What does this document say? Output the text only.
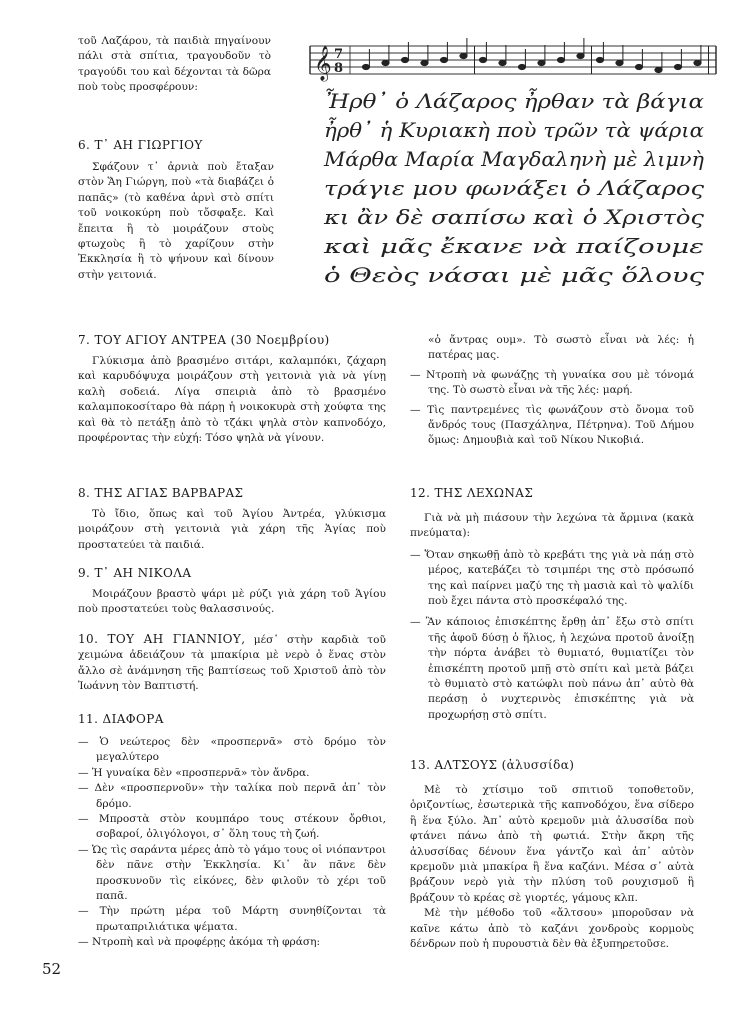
τοῦ Λαζάρου, τὰ παιδιὰ πηγαίνουν πάλι στὰ σπίτια, τραγουδοῦν τὸ τραγούδι του καὶ δέχονται τὰ δῶρα ποὺ τοὺς προσφέρουν:
𝄞 7
8
Ἦρθ᾿ ὁ Λάζαρος ἦρθαν τὰ βάγια
ἦρθ᾿ ἡ Κυριακὴ ποὺ τρῶν τὰ ψάρια
Μάρθα Μαρία Μαγδαληνὴ μὲ λιμνὴ
τράγιε μου φωνάξει ὁ Λάζαρος
κι ἂν δὲ σαπίσω καὶ ὁ Χριστὸς
καὶ μᾶς ἔκανε νὰ παίζουμε
ὁ Θεὸς νάσαι μὲ μᾶς ὅλους
6. Τ᾿ ΑΗ ΓΙΩΡΓΙΟΥ
Σφάζουν τ᾿ ἀρνιὰ ποὺ ἔταξαν στὸν Ἅη Γιώργη, ποὺ «τὰ διαβάζει ὁ παπᾶς» (τὸ καθένα ἀρνὶ στὸ σπίτι τοῦ νοικοκύρη ποὺ τὄσφαξε. Καὶ ἔπειτα ἢ τὸ μοιράζουν στοὺς φτωχοὺς ἢ τὸ χαρίζουν στὴν Ἐκκλησία ἢ τὸ ψήνουν καὶ δίνουν στὴν γειτονιά.
7. ΤΟΥ ΑΓΙΟΥ ΑΝΤΡΕΑ (30 Νοεμβρίου)
Γλύκισμα ἀπὸ βρασμένο σιτάρι, καλαμπόκι, ζάχαρη καὶ καρυδόψυχα μοιράζουν στὴ γειτονιὰ γιὰ νὰ γίνῃ καλὴ σοδειά. Λίγα σπειριὰ ἀπὸ τὸ βρασμένο καλαμποκοσίταρο θὰ πάρῃ ἡ νοικοκυρὰ στὴ χούφτα της καὶ θὰ τὸ πετάξῃ ἀπὸ τὸ τζάκι ψηλὰ στὸν καπνοδόχο, προφέροντας τὴν εὐχή: Τόσο ψηλὰ νὰ γίνουν.
8. ΤΗΣ ΑΓΙΑΣ ΒΑΡΒΑΡΑΣ
Τὸ ἴδιο, ὅπως καὶ τοῦ Ἁγίου Ἀντρέα, γλύκισμα μοιράζουν στὴ γειτονιὰ γιὰ χάρη τῆς Ἁγίας ποὺ προστατεύει τὰ παιδιά.
9. Τ᾿ ΑΗ ΝΙΚΟΛΑ
Μοιράζουν βραστὸ ψάρι μὲ ρύζι γιὰ χάρη τοῦ Ἁγίου ποὺ προστατεύει τοὺς θαλασσινούς.
10. ΤΟΥ ΑΗ ΓΙΑΝΝΙΟΥ, μέσ᾿ στὴν καρδιὰ τοῦ χειμώνα ἀδειάζουν τὰ μπακίρια μὲ νερὸ ὁ ἕνας στὸν ἄλλο σὲ ἀνάμνηση τῆς βαπτίσεως τοῦ Χριστοῦ ἀπὸ τὸν Ἰωάννη τὸν Βαπτιστή.
11. ΔΙΑΦΟΡΑ

— Ὁ νεώτερος δὲν «προσπερνᾶ» στὸ δρόμο τὸν μεγαλύτερο

— Ἡ γυναίκα δὲν «προσπερνᾶ» τὸν ἄνδρα.

— Δὲν «προσπερνοῦν» τὴν ταλίκα ποὺ περνᾶ ἀπ᾿ τὸν δρόμο.

— Μπροστὰ στὸν κουμπάρο τους στέκουν ὄρθιοι, σοβαροί, ὀλιγόλογοι, σ᾿ ὅλη τους τὴ ζωή.

— Ὡς τὶς σαράντα μέρες ἀπὸ τὸ γάμο τους οἱ νιόπαντροι δὲν πᾶνε στὴν Ἐκκλησία. Κι᾿ ἂν πᾶνε δὲν προσκυνοῦν τὶς εἰκόνες, δὲν φιλοῦν τὸ χέρι τοῦ παπᾶ.

— Τὴν πρώτη μέρα τοῦ Μάρτη συνηθίζονται τὰ πρωταπριλιάτικα ψέματα.

— Ντροπὴ καὶ νὰ προφέρῃς ἀκόμα τὴ φράση:

«ὁ ἄντρας ουμ». Τὸ σωστὸ εἶναι νὰ λές: ἡ πατέρας μας.

— Ντροπὴ νὰ φωνάζῃς τὴ γυναίκα σου μὲ τόνομά της. Τὸ σωστὸ εἶναι νὰ τῆς λές: μαρή.

— Τὶς παντρεμένες τὶς φωνάζουν στὸ ὄνομα τοῦ ἄνδρός τους (Πασχάληνα, Πέτρηνα). Τοῦ Δήμου ὅμως: Δημουβιὰ καὶ τοῦ Νίκου Νικοβιά.

12. ΤΗΣ ΛΕΧΩΝΑΣ

Γιὰ νὰ μὴ πιάσουν τὴν λεχώνα τὰ ἄρμινα (κακὰ πνεύματα):

— Ὅταν σηκωθῇ ἀπὸ τὸ κρεβάτι της γιὰ νὰ πάῃ στὸ μέρος, κατεβάζει τὸ τσιμπέρι της στὸ πρόσωπό της καὶ παίρνει μαζύ της τὴ μασιὰ καὶ τὸ ψαλίδι ποὺ ἔχει πάντα στὸ προσκέφαλό της.

— Ἂν κάποιος ἐπισκέπτης ἔρθῃ ἀπ᾿ ἔξω στὸ σπίτι τῆς ἀφοῦ δύσῃ ὁ ἥλιος, ἡ λεχώνα προτοῦ ἀνοίξῃ τὴν πόρτα ἀνάβει τὸ θυμιατό, θυμιατίζει τὸν ἐπισκέπτη προτοῦ μπῇ στὸ σπίτι καὶ μετὰ βάζει τὸ θυμιατὸ στὸ κατώφλι ποὺ πάνω ἀπ᾿ αὐτὸ θὰ περάσῃ ὁ νυχτερινὸς ἐπισκέπτης γιὰ νὰ προχωρήσῃ στὸ σπίτι.

13. ΑΛΤΣΟΥΣ (ἀλυσσίδα)

Μὲ τὸ χτίσιμο τοῦ σπιτιοῦ τοποθετοῦν, ὁριζοντίως, ἐσωτερικὰ τῆς καπνοδόχου, ἕνα σίδερο ἢ ἕνα ξύλο. Ἀπ᾿ αὐτὸ κρεμοῦν μιὰ ἀλυσσίδα ποὺ φτάνει πάνω ἀπὸ τὴ φωτιά. Στὴν ἄκρη τῆς ἀλυσσίδας δένουν ἕνα γάντζο καὶ ἀπ᾿ αὐτὸν κρεμοῦν μιὰ μπακίρα ἢ ἕνα καζάνι. Μέσα σ᾿ αὐτὰ βράζουν νερὸ γιὰ τὴν πλύση τοῦ ρουχισμοῦ ἢ βράζουν τὸ κρέας σὲ γιορτές, γάμους κλπ.

Μὲ τὴν μέθοδο τοῦ «ἄλτσου» μποροῦσαν νὰ καῖνε κάτω ἀπὸ τὸ καζάνι χονδροὺς κορμοὺς δένδρων ποὺ ἡ πυρουστιὰ δὲν θὰ ἐξυπηρετοῦσε.

52
